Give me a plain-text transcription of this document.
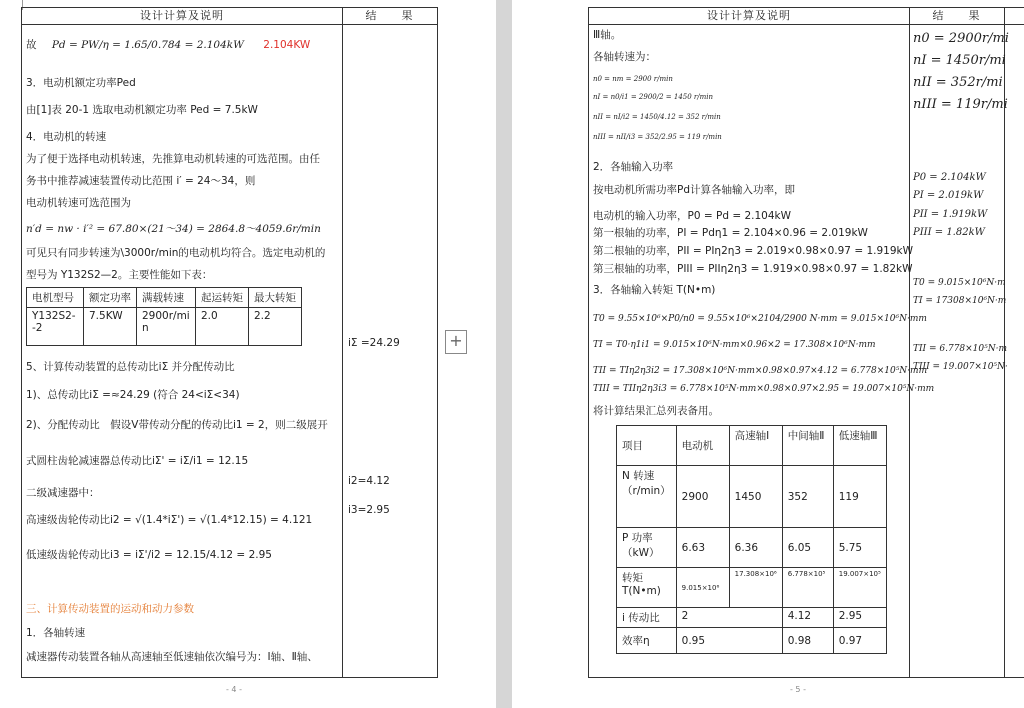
设计计算及说明	结　　果
故 Pd = PW/η = 1.65/0.784 = 2.104kW 2.104KW
3．电动机额定功率Ped
由[1]表 20-1 选取电动机额定功率 Ped = 7.5kW
4．电动机的转速
为了便于选择电动机转速，先推算电动机转速的可选范围。由任
务书中推荐减速装置传动比范围 i′ = 24～34，则
电动机转速可选范围为
n′d = nw · i′² = 67.80×(21～34) = 2864.8～4059.6r/min
可见只有同步转速为\3000r/min的电动机均符合。选定电动机的
型号为 Y132S2—2。主要性能如下表：
电机型号	额定功率	满载转速	起运转矩	最大转矩
Y132S2--2	7.5KW	2900r/min	2.0	2.2
5、计算传动装置的总传动比iΣ 并分配传动比
1)、总传动比iΣ =≈24.29 (符合 24<iΣ<34)
2)、分配传动比　假设V带传动分配的传动比i1 = 2，则二级展开
式圆柱齿轮减速器总传动比iΣ' = iΣ/i1 = 12.15
二级减速器中：
高速级齿轮传动比i2 = √(1.4*iΣ') = √(1.4*12.15) = 4.121
低速级齿轮传动比i3 = iΣ'/i2 = 12.15/4.12 = 2.95
三、计算传动装置的运动和动力参数
1．各轴转速
减速器传动装置各轴从高速轴至低速轴依次编号为：Ⅰ轴、Ⅱ轴、
iΣ =24.29
i2=4.12
i3=2.95
- 4 -
+
设计计算及说明	结　　果
Ⅲ轴。
各轴转速为：
n0 = nm = 2900 r/min
nI = n0/i1 = 2900/2 = 1450 r/min
nII = nI/i2 = 1450/4.12 = 352 r/min
nIII = nII/i3 = 352/2.95 = 119 r/min
2．各轴输入功率
按电动机所需功率Pd计算各轴输入功率，即
电动机的输入功率，P0 = Pd = 2.104kW
第一根轴的功率，PI = Pdη1 = 2.104×0.96 = 2.019kW
第二根轴的功率，PII = PIη2η3 = 2.019×0.98×0.97 = 1.919kW
第三根轴的功率，PIII = PIIη2η3 = 1.919×0.98×0.97 = 1.82kW
3．各轴输入转矩 T(N•m)
T0 = 9.55×10⁶×P0/n0 = 9.55×10⁶×2104/2900 N·mm = 9.015×10⁶N·mm
TI = T0·η1i1 = 9.015×10⁶N·mm×0.96×2 = 17.308×10⁶N·mm
TII = TIη2η3i2 = 17.308×10⁶N·mm×0.98×0.97×4.12 = 6.778×10⁵N·mm
TIII = TIIη2η3i3 = 6.778×10⁵N·mm×0.98×0.97×2.95 = 19.007×10⁵N·mm
将计算结果汇总列表备用。
项目	电动机	高速轴Ⅰ	中间轴Ⅱ	低速轴Ⅲ
N 转速（r/min）	2900	1450	352	119
P 功率（kW）	6.63	6.36	6.05	5.75
转矩 T(N•m)	9.015×10⁶	17.308×10⁶	6.778×10⁵	19.007×10⁵
i 传动比	2		4.12	2.95
效率η	0.95		0.98	0.97
n0 = 2900r/mi
nI = 1450r/mi
nII = 352r/mi
nIII = 119r/mi
P0 = 2.104kW
PI = 2.019kW
PII = 1.919kW
PIII = 1.82kW
T0 = 9.015×10⁶N·m
TI = 17308×10⁶N·m
TII = 6.778×10⁵N·m
TIII = 19.007×10⁵N·
- 5 -
